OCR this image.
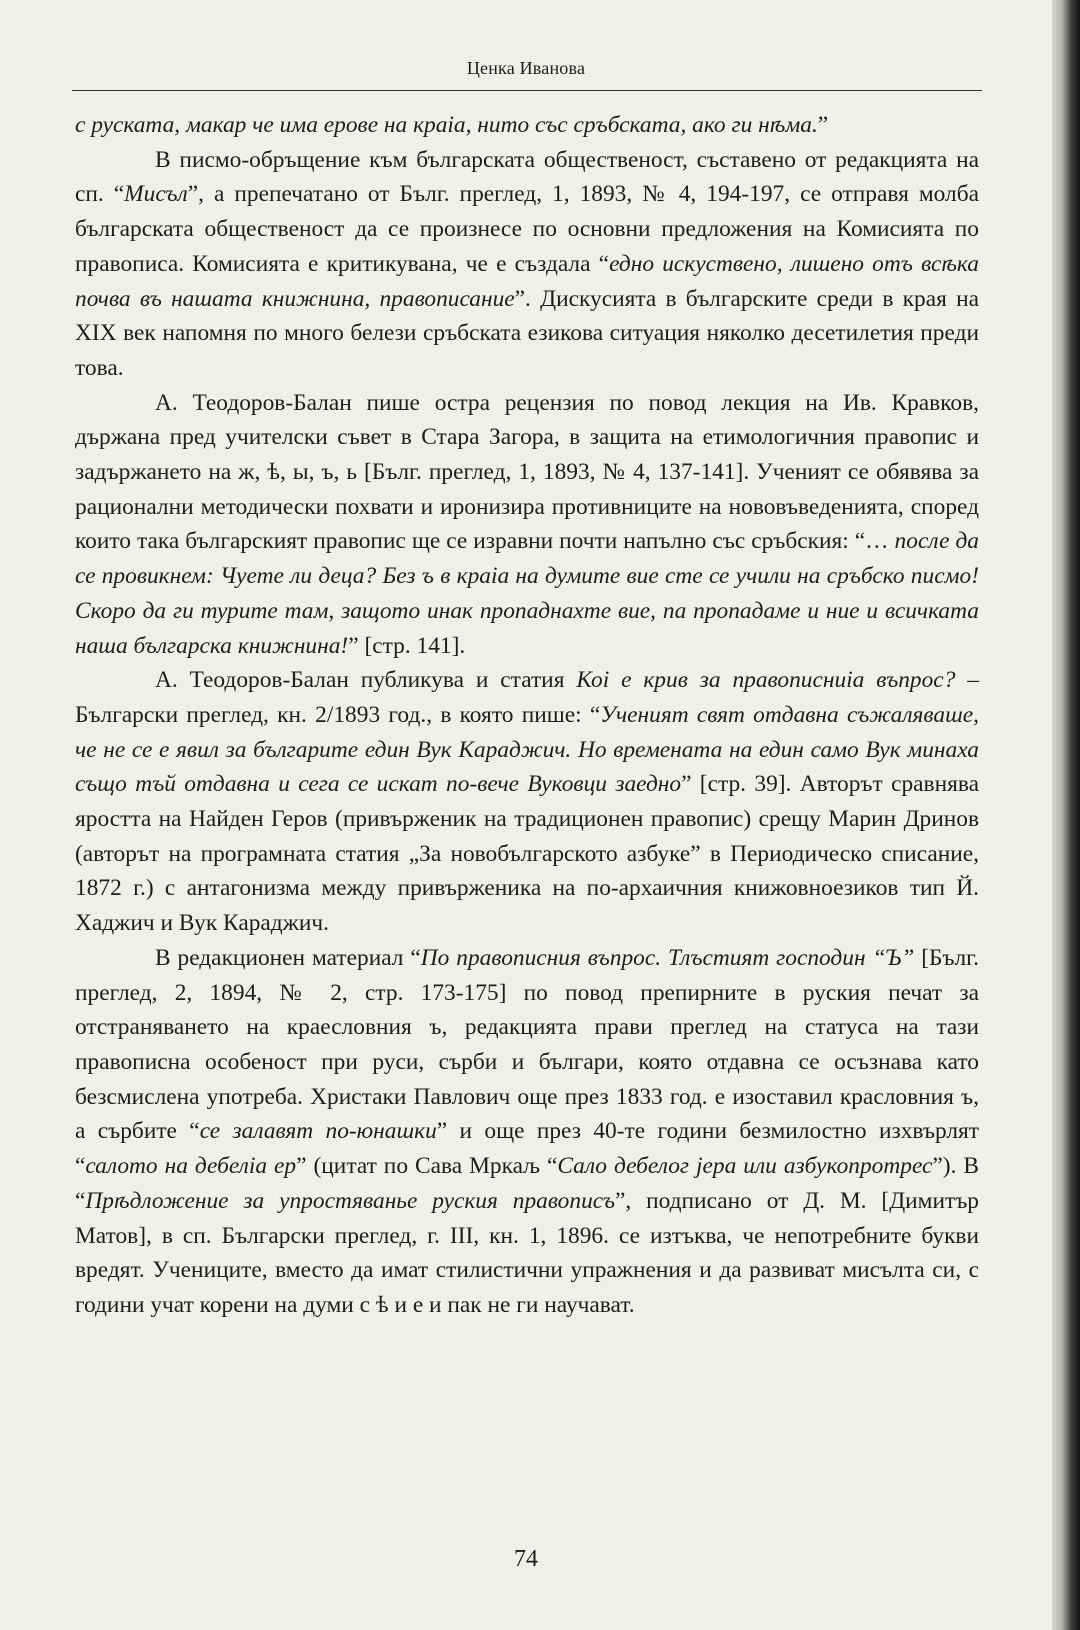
Ценка Иванова

с руската, макар че има ерове на краіа, нито със сръбската, ако ги нѣма.”

В писмо-обръщение към българската общественост, съставено от редакцията на сп. “Мисъл”, а препечатано от Бълг. преглед, 1, 1893, № 4, 194-197, се отправя молба българската общественост да се произнесе по основни предложения на Комисията по правописа. Комисията е критикувана, че е създала “едно искуствено, лишено отъ всѣка почва въ нашата книжнина, правописание”. Дискусията в българските среди в края на XIX век напомня по много белези сръбската езикова ситуация няколко десетилетия преди това.

А. Теодоров-Балан пише остра рецензия по повод лекция на Ив. Кравков, държана пред учителски съвет в Стара Загора, в защита на етимологичния правопис и задържането на ж, ѣ, ы, ъ, ь [Бълг. преглед, 1, 1893, № 4, 137-141]. Ученият се обявява за рационални методически похвати и иронизира противниците на нововъведенията, според които така българският правопис ще се изравни почти напълно със сръбския: “… после да се провикнем: Чуете ли деца? Без ъ в краіа на думите вие сте се учили на сръбско писмо! Скоро да ги турите там, защото инак пропаднахте вие, па пропадаме и ние и всичката наша българска книжнина!” [стр. 141].

А. Теодоров-Балан публикува и статия Коі е крив за правописниіа въпрос? – Български преглед, кн. 2/1893 год., в която пише: “Ученият свят отдавна съжаляваше, че не се е явил за българите един Вук Караджич. Но времената на един само Вук минаха също тъй отдавна и сега се искат по-вече Вуковци заедно” [стр. 39]. Авторът сравнява яростта на Найден Геров (привърженик на традиционен правопис) срещу Марин Дринов (авторът на програмната статия „За новобългарското азбуке” в Периодическо списание, 1872 г.) с антагонизма между привърженика на по-архаичния книжовноезиков тип Й. Хаджич и Вук Караджич.

В редакционен материал “По правописния въпрос. Тлъстият господин “Ъ” [Бълг. преглед, 2, 1894, № 2, стр. 173-175] по повод препирните в руския печат за отстраняването на краесловния ъ, редакцията прави преглед на статуса на тази правописна особеност при руси, сърби и българи, която отдавна се осъзнава като безсмислена употреба. Христаки Павлович още през 1833 год. е изоставил краcловния ъ, а сърбите “се залавят по-юнашки” и още през 40-те години безмилостно изхвърлят “салото на дебеліа ер” (цитат по Сава Мркаљ “Сало дебелог јера или азбукопротрес”). В “Прѣдложение за упростяванье руския правописъ”, подписано от Д. М. [Димитър Матов], в сп. Български преглед, г. III, кн. 1, 1896. се изтъква, че непотребните букви вредят. Учениците, вместо да имат стилистични упражнения и да развиват мисълта си, с години учат корени на думи с ѣ и е и пак не ги научават.

74
